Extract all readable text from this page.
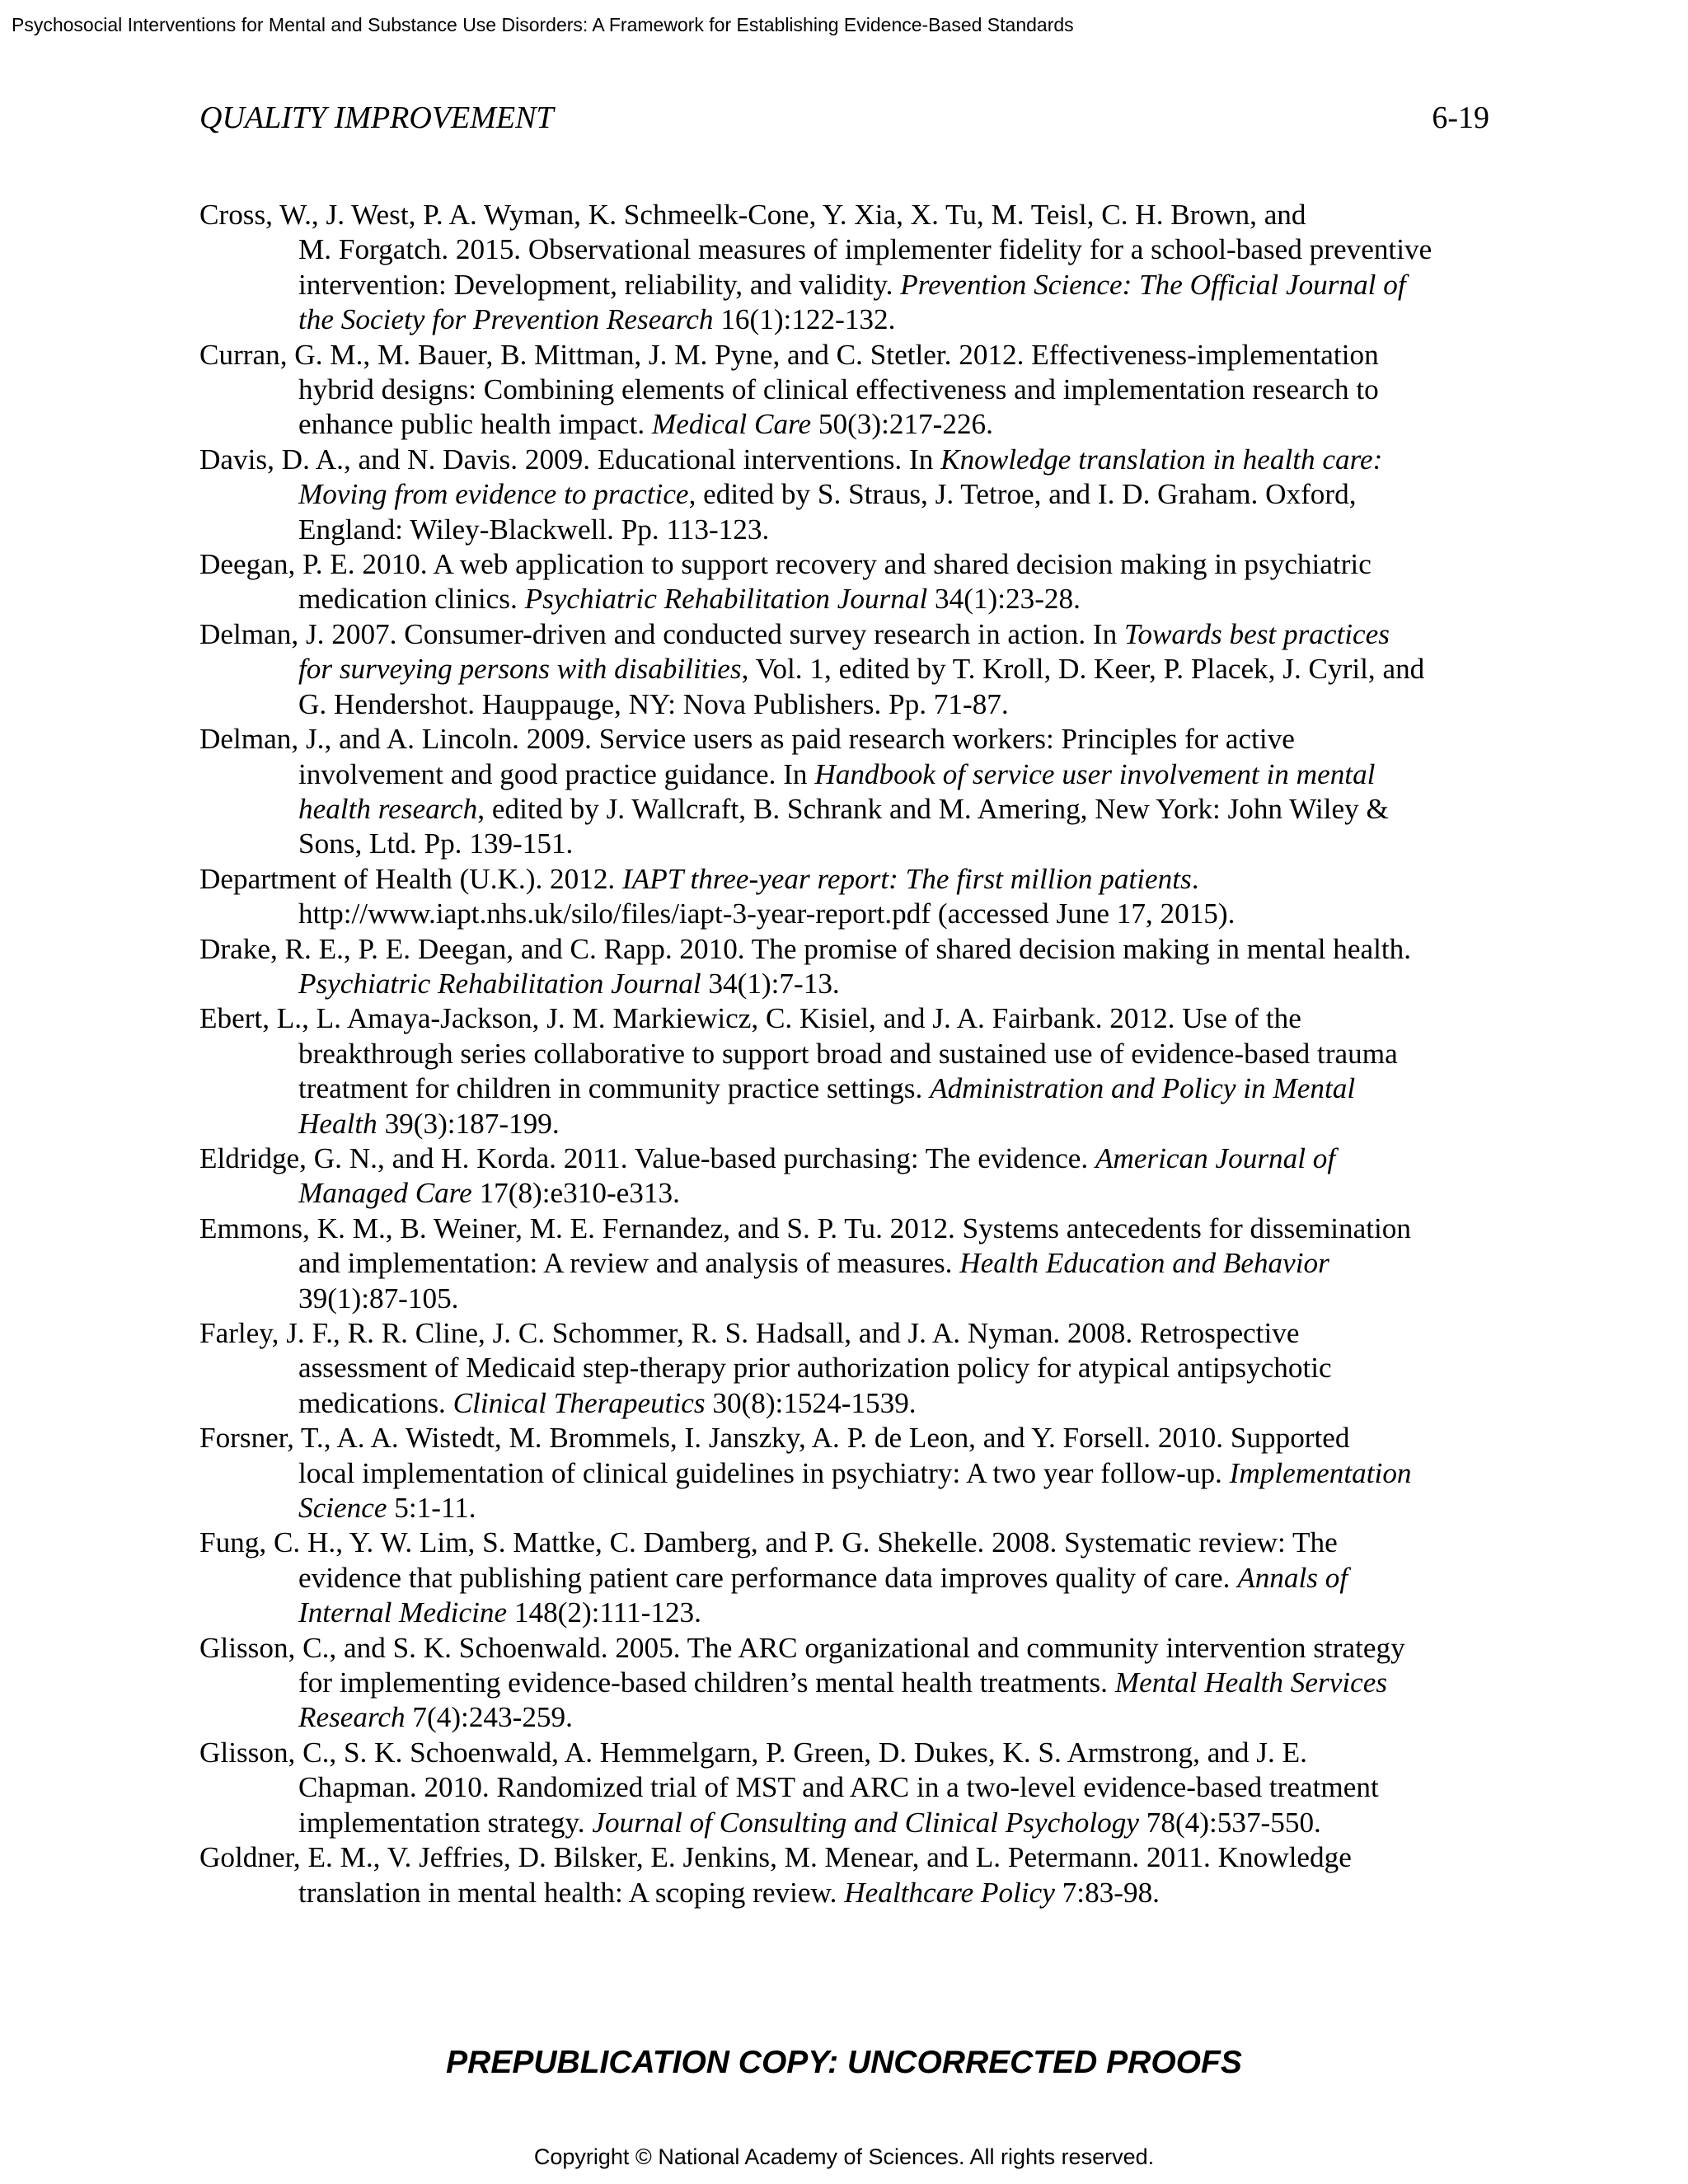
Psychosocial Interventions for Mental and Substance Use Disorders: A Framework for Establishing Evidence-Based Standards
QUALITY IMPROVEMENT	6-19
Cross, W., J. West, P. A. Wyman, K. Schmeelk-Cone, Y. Xia, X. Tu, M. Teisl, C. H. Brown, and
M. Forgatch. 2015. Observational measures of implementer fidelity for a school-based preventive
intervention: Development, reliability, and validity. Prevention Science: The Official Journal of
the Society for Prevention Research 16(1):122-132.
Curran, G. M., M. Bauer, B. Mittman, J. M. Pyne, and C. Stetler. 2012. Effectiveness-implementation
hybrid designs: Combining elements of clinical effectiveness and implementation research to
enhance public health impact. Medical Care 50(3):217-226.
Davis, D. A., and N. Davis. 2009. Educational interventions. In Knowledge translation in health care:
Moving from evidence to practice, edited by S. Straus, J. Tetroe, and I. D. Graham. Oxford,
England: Wiley-Blackwell. Pp. 113-123.
Deegan, P. E. 2010. A web application to support recovery and shared decision making in psychiatric
medication clinics. Psychiatric Rehabilitation Journal 34(1):23-28.
Delman, J. 2007. Consumer-driven and conducted survey research in action. In Towards best practices
for surveying persons with disabilities, Vol. 1, edited by T. Kroll, D. Keer, P. Placek, J. Cyril, and
G. Hendershot. Hauppauge, NY: Nova Publishers. Pp. 71-87.
Delman, J., and A. Lincoln. 2009. Service users as paid research workers: Principles for active
involvement and good practice guidance. In Handbook of service user involvement in mental
health research, edited by J. Wallcraft, B. Schrank and M. Amering, New York: John Wiley &
Sons, Ltd. Pp. 139-151.
Department of Health (U.K.). 2012. IAPT three-year report: The first million patients.
http://www.iapt.nhs.uk/silo/files/iapt-3-year-report.pdf (accessed June 17, 2015).
Drake, R. E., P. E. Deegan, and C. Rapp. 2010. The promise of shared decision making in mental health.
Psychiatric Rehabilitation Journal 34(1):7-13.
Ebert, L., L. Amaya-Jackson, J. M. Markiewicz, C. Kisiel, and J. A. Fairbank. 2012. Use of the
breakthrough series collaborative to support broad and sustained use of evidence-based trauma
treatment for children in community practice settings. Administration and Policy in Mental
Health 39(3):187-199.
Eldridge, G. N., and H. Korda. 2011. Value-based purchasing: The evidence. American Journal of
Managed Care 17(8):e310-e313.
Emmons, K. M., B. Weiner, M. E. Fernandez, and S. P. Tu. 2012. Systems antecedents for dissemination
and implementation: A review and analysis of measures. Health Education and Behavior
39(1):87-105.
Farley, J. F., R. R. Cline, J. C. Schommer, R. S. Hadsall, and J. A. Nyman. 2008. Retrospective
assessment of Medicaid step-therapy prior authorization policy for atypical antipsychotic
medications. Clinical Therapeutics 30(8):1524-1539.
Forsner, T., A. A. Wistedt, M. Brommels, I. Janszky, A. P. de Leon, and Y. Forsell. 2010. Supported
local implementation of clinical guidelines in psychiatry: A two year follow-up. Implementation
Science 5:1-11.
Fung, C. H., Y. W. Lim, S. Mattke, C. Damberg, and P. G. Shekelle. 2008. Systematic review: The
evidence that publishing patient care performance data improves quality of care. Annals of
Internal Medicine 148(2):111-123.
Glisson, C., and S. K. Schoenwald. 2005. The ARC organizational and community intervention strategy
for implementing evidence-based children’s mental health treatments. Mental Health Services
Research 7(4):243-259.
Glisson, C., S. K. Schoenwald, A. Hemmelgarn, P. Green, D. Dukes, K. S. Armstrong, and J. E.
Chapman. 2010. Randomized trial of MST and ARC in a two-level evidence-based treatment
implementation strategy. Journal of Consulting and Clinical Psychology 78(4):537-550.
Goldner, E. M., V. Jeffries, D. Bilsker, E. Jenkins, M. Menear, and L. Petermann. 2011. Knowledge
translation in mental health: A scoping review. Healthcare Policy 7:83-98.
PREPUBLICATION COPY: UNCORRECTED PROOFS
Copyright © National Academy of Sciences. All rights reserved.
